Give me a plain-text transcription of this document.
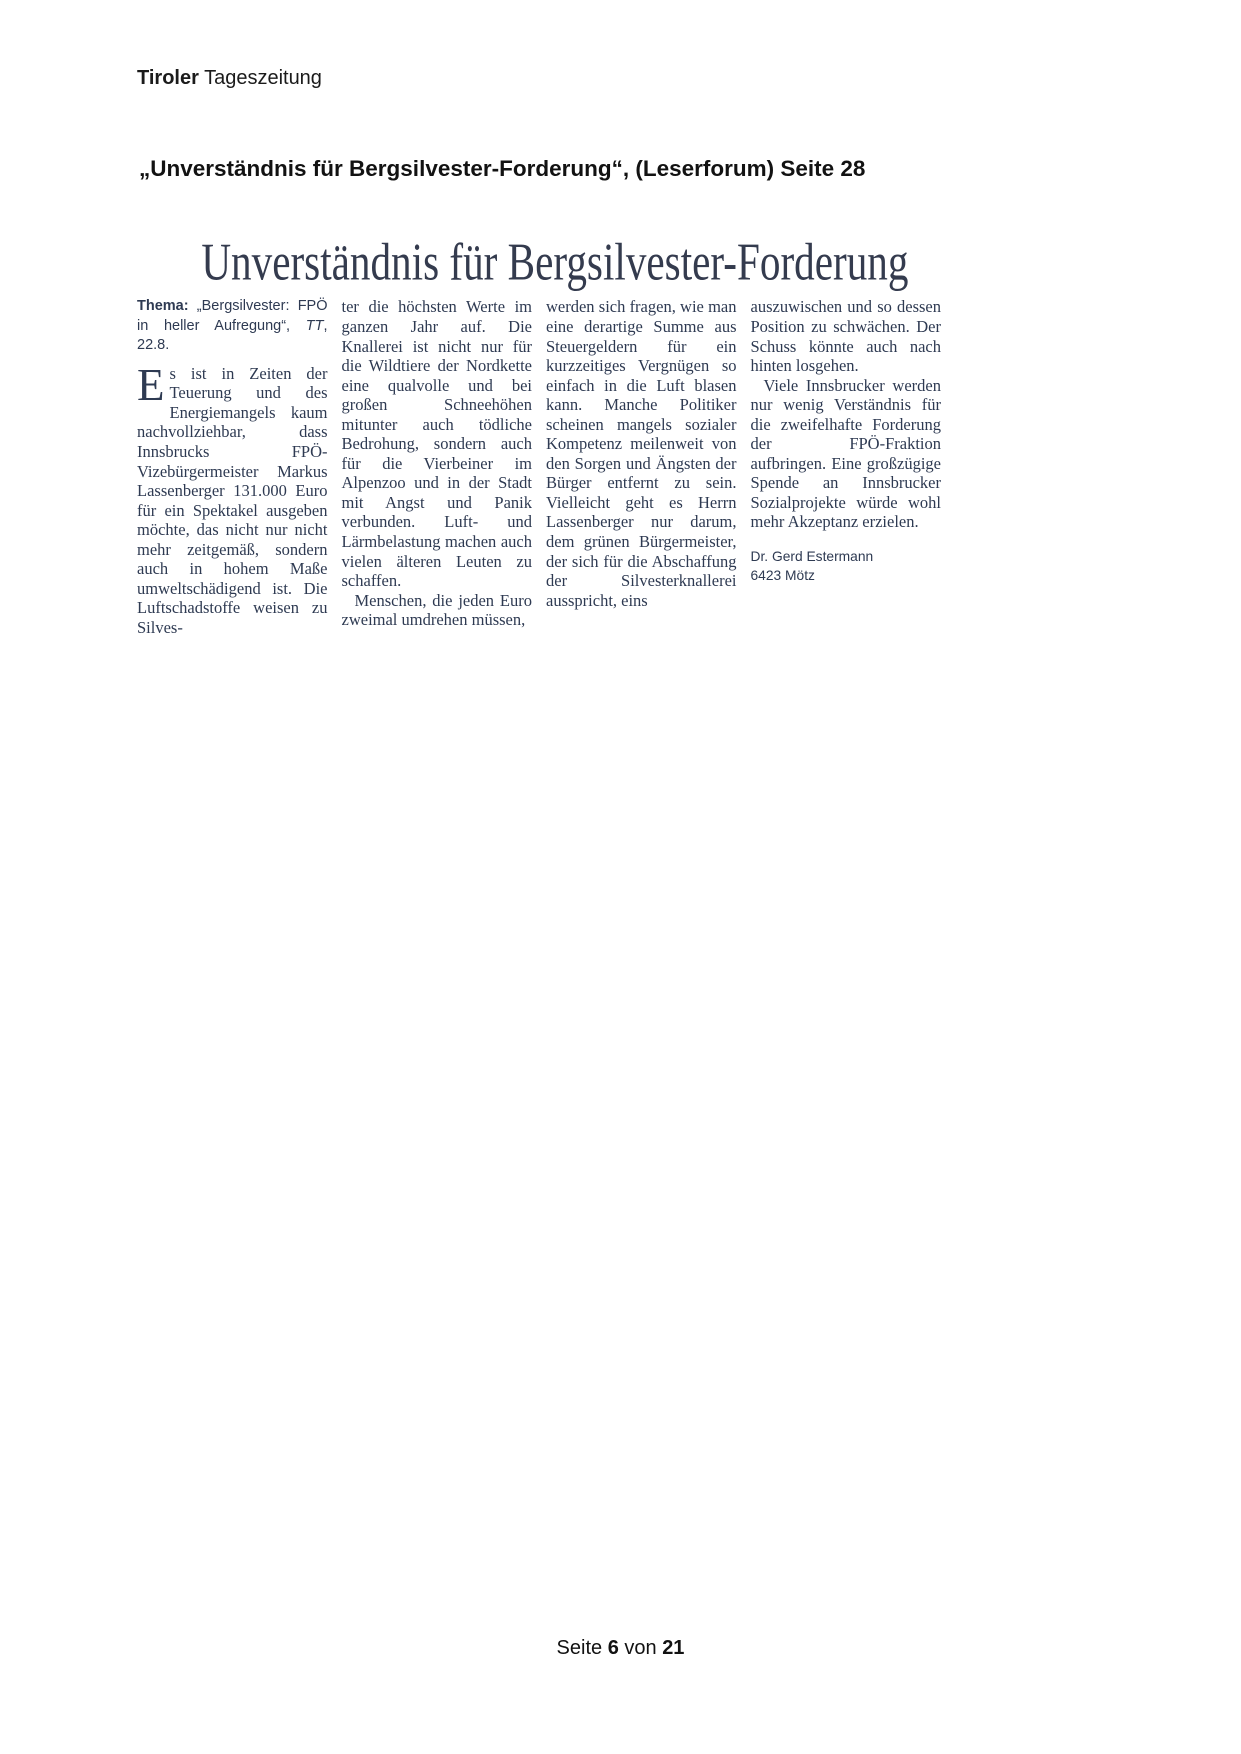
Tiroler Tageszeitung
„Unverständnis für Bergsilvester-Forderung“, (Leserforum) Seite 28
Unverständnis für Bergsilvester-Forderung

Thema: „Bergsilvester: FPÖ in heller Aufregung“, TT, 22.8.

Es ist in Zeiten der Teuerung und des Energiemangels kaum nachvollziehbar, dass Innsbrucks FPÖ-Vizebürgermeister Markus Lassenberger 131.000 Euro für ein Spektakel ausgeben möchte, das nicht nur nicht mehr zeitgemäß, sondern auch in hohem Maße umweltschädigend ist. Die Luftschadstoffe weisen zu Silves-

ter die höchsten Werte im ganzen Jahr auf. Die Knallerei ist nicht nur für die Wildtiere der Nordkette eine qualvolle und bei großen Schneehöhen mitunter auch tödliche Bedrohung, sondern auch für die Vierbeiner im Alpenzoo und in der Stadt mit Angst und Panik verbunden. Luft- und Lärmbelastung machen auch vielen älteren Leuten zu schaffen.

Menschen, die jeden Euro zweimal umdrehen müssen,

werden sich fragen, wie man eine derartige Summe aus Steuergeldern für ein kurzzeitiges Vergnügen so einfach in die Luft blasen kann. Manche Politiker scheinen mangels sozialer Kompetenz meilenweit von den Sorgen und Ängsten der Bürger entfernt zu sein. Vielleicht geht es Herrn Lassenberger nur darum, dem grünen Bürgermeister, der sich für die Abschaffung der Silvesterknallerei ausspricht, eins

auszuwischen und so dessen Position zu schwächen. Der Schuss könnte auch nach hinten losgehen.

Viele Innsbrucker werden nur wenig Verständnis für die zweifelhafte Forderung der FPÖ-Fraktion aufbringen. Eine großzügige Spende an Innsbrucker Sozialprojekte würde wohl mehr Akzeptanz erzielen.

Dr. Gerd Estermann
6423 Mötz

Seite 6 von 21
